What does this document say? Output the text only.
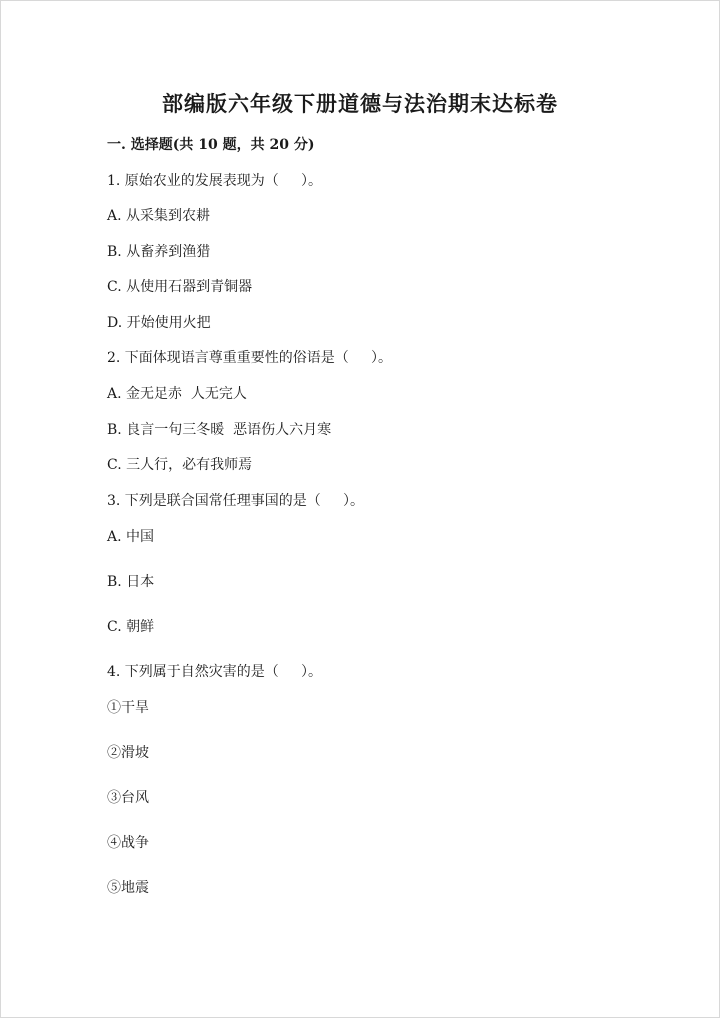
部编版六年级下册道德与法治期末达标卷
一. 选择题(共 10 题，共 20 分)
1. 原始农业的发展表现为（     ）。
A. 从采集到农耕
B. 从畜养到渔猎
C. 从使用石器到青铜器
D. 开始使用火把
2. 下面体现语言尊重重要性的俗语是（     ）。
A. 金无足赤  人无完人
B. 良言一句三冬暖  恶语伤人六月寒
C. 三人行，必有我师焉
3. 下列是联合国常任理事国的是（     ）。
A. 中国
B. 日本
C. 朝鲜
4. 下列属于自然灾害的是（     ）。
①干旱
②滑坡
③台风
④战争
⑤地震
